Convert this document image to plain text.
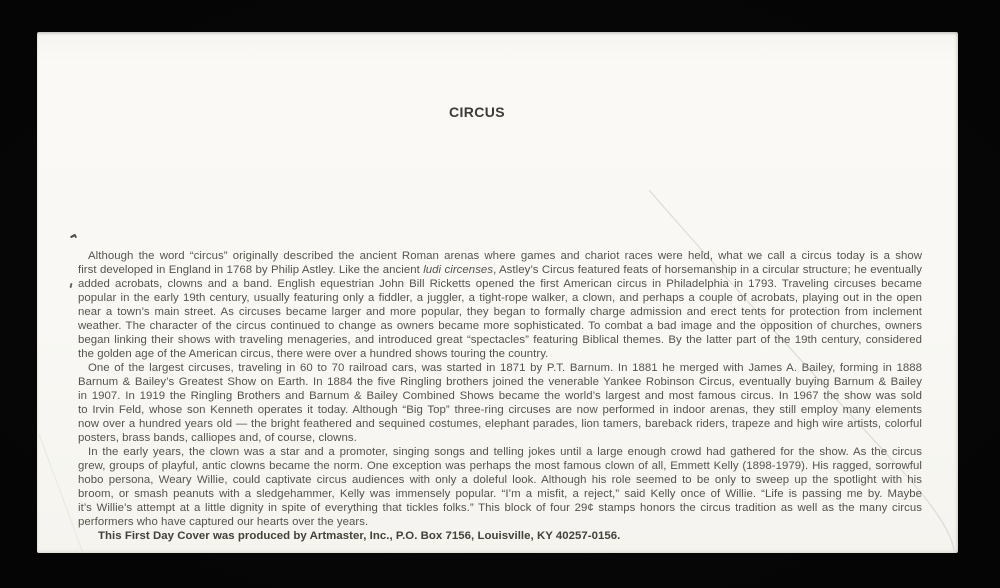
CIRCUS
Although the word “circus” originally described the ancient Roman arenas where games and chariot races were held, what we call a circus today is a show
first developed in England in 1768 by Philip Astley. Like the ancient ludi circenses, Astley’s Circus featured feats of horsemanship in a circular structure; he eventually
added acrobats, clowns and a band. English equestrian John Bill Ricketts opened the first American circus in Philadelphia in 1793. Traveling circuses became
popular in the early 19th century, usually featuring only a fiddler, a juggler, a tight-rope walker, a clown, and perhaps a couple of acrobats, playing out in the open
near a town’s main street. As circuses became larger and more popular, they began to formally charge admission and erect tents for protection from inclement
weather. The character of the circus continued to change as owners became more sophisticated. To combat a bad image and the opposition of churches, owners
began linking their shows with traveling menageries, and introduced great “spectacles” featuring Biblical themes. By the latter part of the 19th century, considered
the golden age of the American circus, there were over a hundred shows touring the country.
One of the largest circuses, traveling in 60 to 70 railroad cars, was started in 1871 by P.T. Barnum. In 1881 he merged with James A. Bailey, forming in 1888
Barnum & Bailey’s Greatest Show on Earth. In 1884 the five Ringling brothers joined the venerable Yankee Robinson Circus, eventually buying Barnum & Bailey
in 1907. In 1919 the Ringling Brothers and Barnum & Bailey Combined Shows became the world’s largest and most famous circus. In 1967 the show was sold
to Irvin Feld, whose son Kenneth operates it today. Although “Big Top” three-ring circuses are now performed in indoor arenas, they still employ many elements
now over a hundred years old — the bright feathered and sequined costumes, elephant parades, lion tamers, bareback riders, trapeze and high wire artists, colorful
posters, brass bands, calliopes and, of course, clowns.
In the early years, the clown was a star and a promoter, singing songs and telling jokes until a large enough crowd had gathered for the show. As the circus
grew, groups of playful, antic clowns became the norm. One exception was perhaps the most famous clown of all, Emmett Kelly (1898-1979). His ragged, sorrowful
hobo persona, Weary Willie, could captivate circus audiences with only a doleful look. Although his role seemed to be only to sweep up the spotlight with his
broom, or smash peanuts with a sledgehammer, Kelly was immensely popular. “I’m a misfit, a reject,” said Kelly once of Willie. “Life is passing me by. Maybe
it’s Willie’s attempt at a little dignity in spite of everything that tickles folks.” This block of four 29¢ stamps honors the circus tradition as well as the many circus
performers who have captured our hearts over the years.
This First Day Cover was produced by Artmaster, Inc., P.O. Box 7156, Louisville, KY 40257-0156.
